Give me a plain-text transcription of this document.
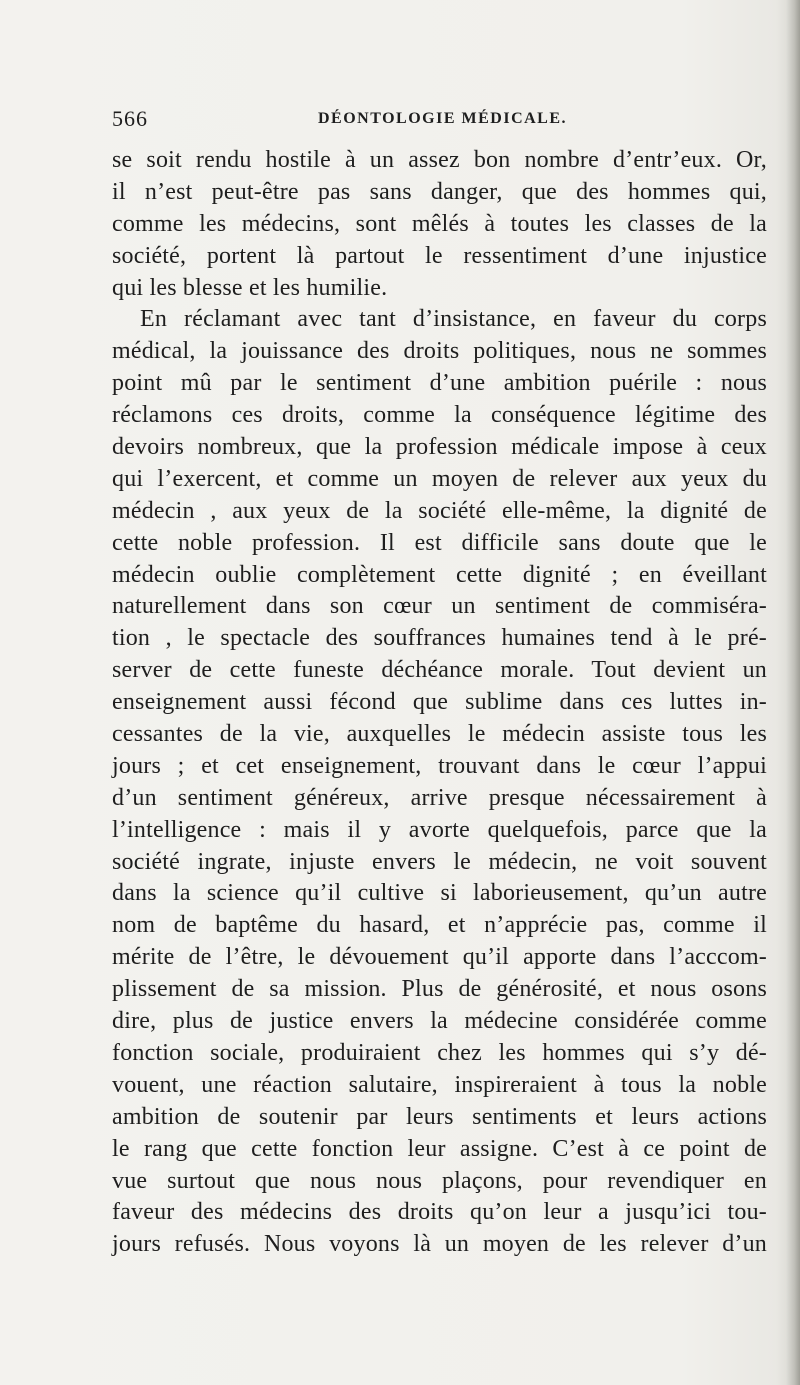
566	DÉONTOLOGIE MÉDICALE.
se soit rendu hostile à un assez bon nombre d’entr’eux. Or,
il n’est peut-être pas sans danger, que des hommes qui,
comme les médecins, sont mêlés à toutes les classes de la
société, portent là partout le ressentiment d’une injustice
qui les blesse et les humilie.
En réclamant avec tant d’insistance, en faveur du corps
médical, la jouissance des droits politiques, nous ne sommes
point mû par le sentiment d’une ambition puérile : nous
réclamons ces droits, comme la conséquence légitime des
devoirs nombreux, que la profession médicale impose à ceux
qui l’exercent, et comme un moyen de relever aux yeux du
médecin , aux yeux de la société elle-même, la dignité de
cette noble profession. Il est difficile sans doute que le
médecin oublie complètement cette dignité ; en éveillant
naturellement dans son cœur un sentiment de commiséra-
tion , le spectacle des souffrances humaines tend à le pré-
server de cette funeste déchéance morale. Tout devient un
enseignement aussi fécond que sublime dans ces luttes in-
cessantes de la vie, auxquelles le médecin assiste tous les
jours ; et cet enseignement, trouvant dans le cœur l’appui
d’un sentiment généreux, arrive presque nécessairement à
l’intelligence : mais il y avorte quelquefois, parce que la
société ingrate, injuste envers le médecin, ne voit souvent
dans la science qu’il cultive si laborieusement, qu’un autre
nom de baptême du hasard, et n’apprécie pas, comme il
mérite de l’être, le dévouement qu’il apporte dans l’acccom-
plissement de sa mission. Plus de générosité, et nous osons
dire, plus de justice envers la médecine considérée comme
fonction sociale, produiraient chez les hommes qui s’y dé-
vouent, une réaction salutaire, inspireraient à tous la noble
ambition de soutenir par leurs sentiments et leurs actions
le rang que cette fonction leur assigne. C’est à ce point de
vue surtout que nous nous plaçons, pour revendiquer en
faveur des médecins des droits qu’on leur a jusqu’ici tou-
jours refusés. Nous voyons là un moyen de les relever d’un
